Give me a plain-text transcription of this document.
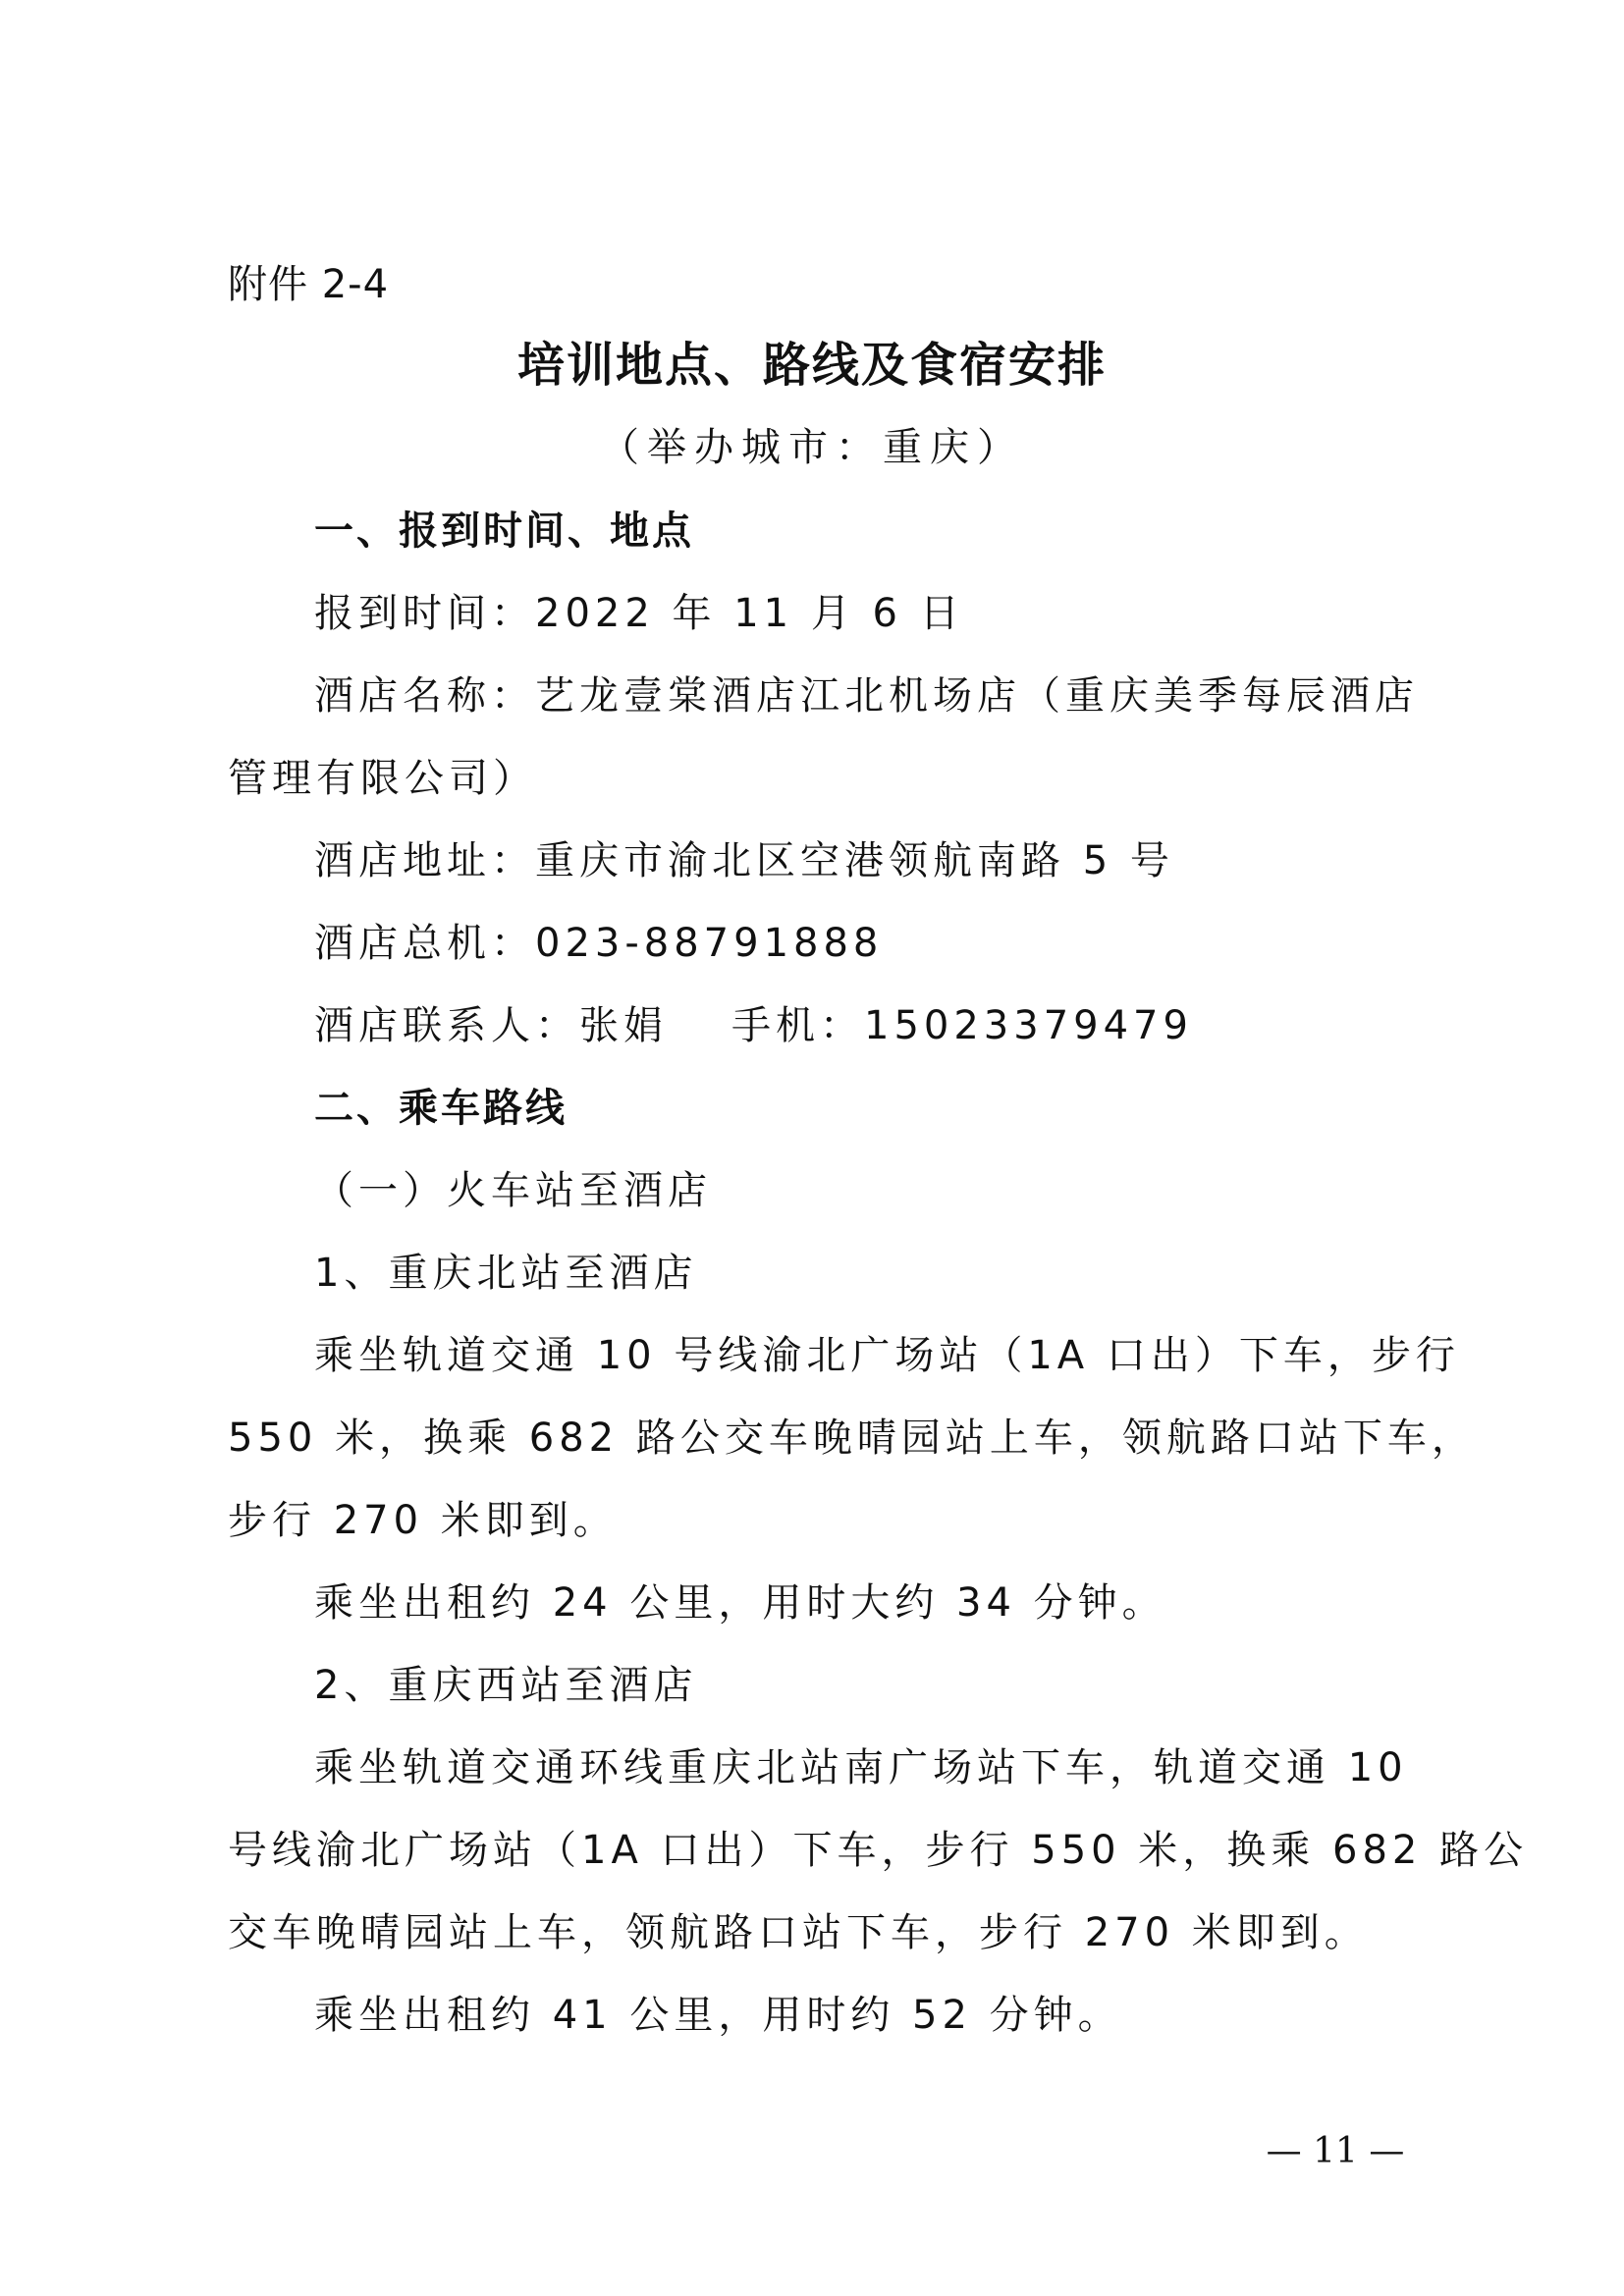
附件 2-4
培训地点、路线及食宿安排
（举办城市：重庆）
一、报到时间、地点
报到时间：2022 年 11 月 6 日
酒店名称：艺龙壹棠酒店江北机场店（重庆美季每辰酒店
管理有限公司）
酒店地址：重庆市渝北区空港领航南路 5 号
酒店总机：023-88791888
酒店联系人：张娟 手机：15023379479
二、乘车路线
（一）火车站至酒店
1、重庆北站至酒店
乘坐轨道交通 10 号线渝北广场站（1A 口出）下车，步行
550 米，换乘 682 路公交车晚晴园站上车，领航路口站下车，
步行 270 米即到。
乘坐出租约 24 公里，用时大约 34 分钟。
2、重庆西站至酒店
乘坐轨道交通环线重庆北站南广场站下车，轨道交通 10
号线渝北广场站（1A 口出）下车，步行 550 米，换乘 682 路公
交车晚晴园站上车，领航路口站下车，步行 270 米即到。
乘坐出租约 41 公里，用时约 52 分钟。
— 11 —
